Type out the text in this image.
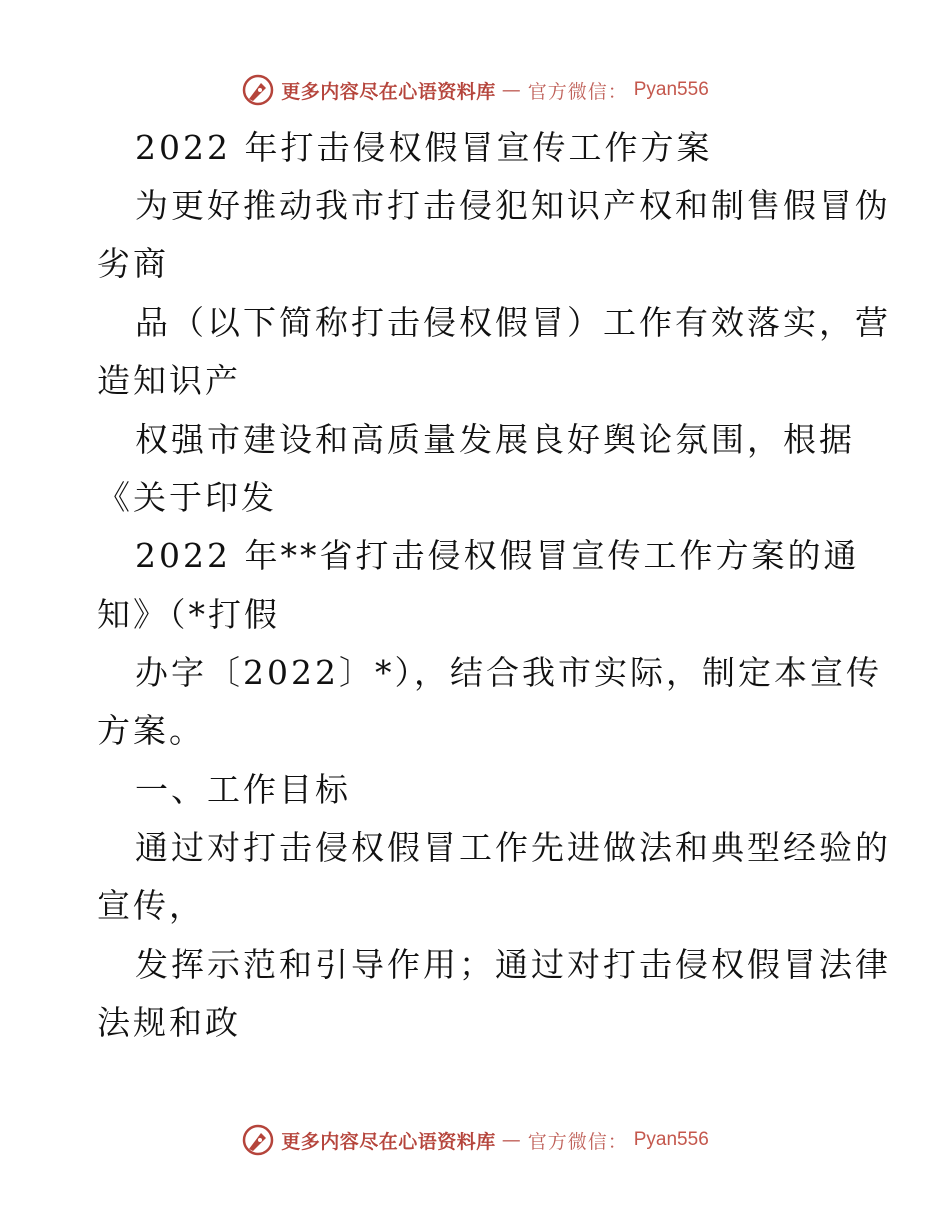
更多内容尽在心语资料库 — 官方微信： Pyan556
2022 年打击侵权假冒宣传工作方案
为更好推动我市打击侵犯知识产权和制售假冒伪
劣商
品（以下简称打击侵权假冒）工作有效落实，营
造知识产
权强市建设和高质量发展良好舆论氛围，根据
《关于印发
2022 年**省打击侵权假冒宣传工作方案的通
知》（*打假
办字〔2022〕*），结合我市实际，制定本宣传
方案。
一、工作目标
通过对打击侵权假冒工作先进做法和典型经验的
宣传，
发挥示范和引导作用；通过对打击侵权假冒法律
法规和政
更多内容尽在心语资料库 — 官方微信： Pyan556
